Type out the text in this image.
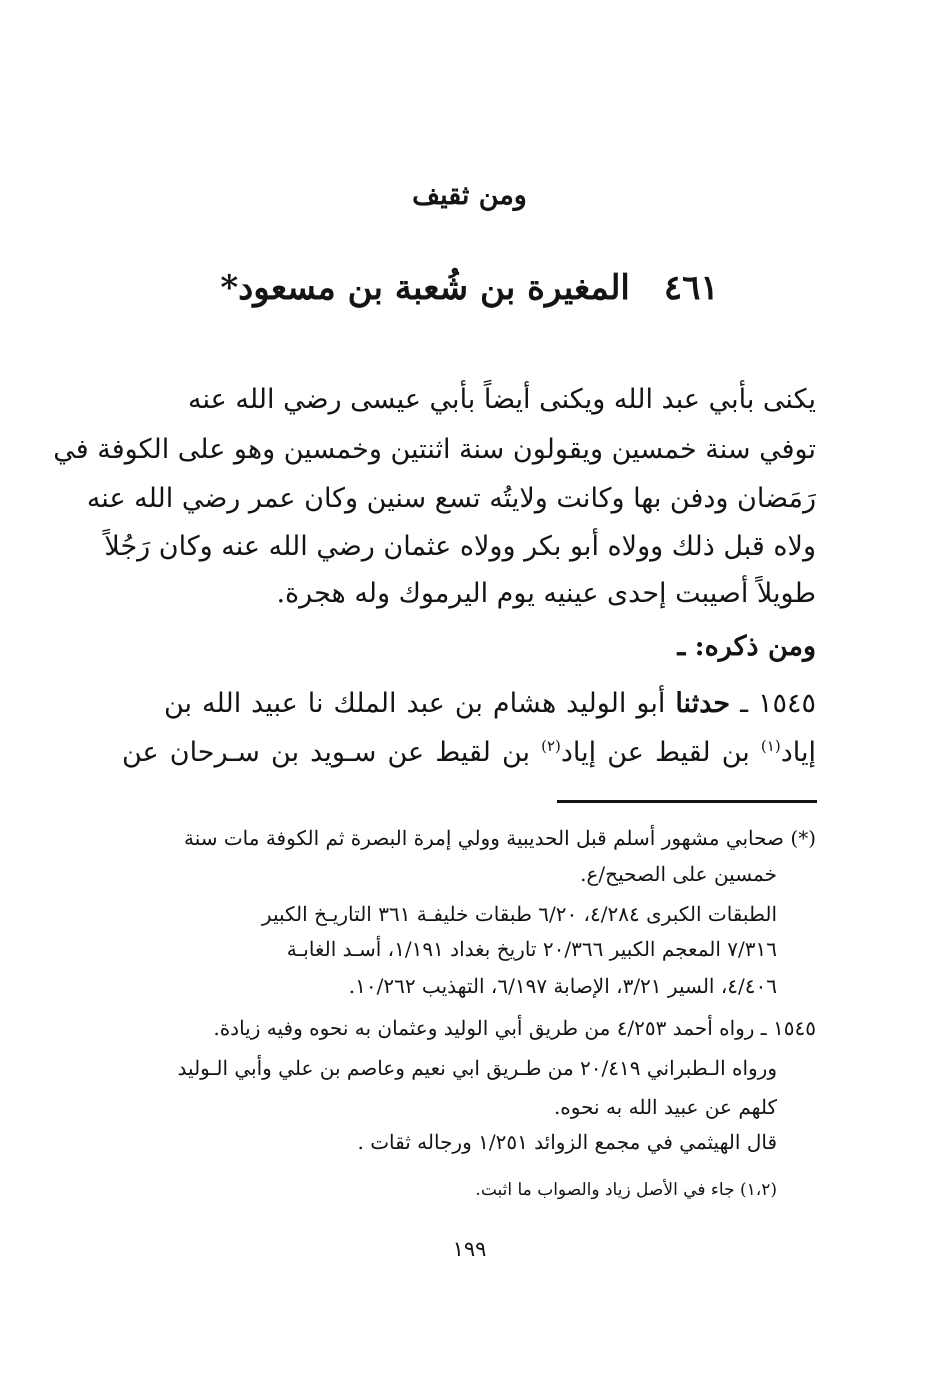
ومن ثقيف
٤٦١المغيرة بن شُعبة بن مسعود*

يكنى بأبي عبد الله ويكنى أيضاً بأبي عيسى رضي الله عنه

توفي سنة خمسين ويقولون سنة اثنتين وخمسين وهو على الكوفة في

رَمَضان ودفن بها وكانت ولايتُه تسع سنين وكان عمر رضي الله عنه

ولاه قبل ذلك وولاه أبو بكر وولاه عثمان رضي الله عنه وكان رَجُلاً

طويلاً أصيبت إحدى عينيه يوم اليرموك وله هجرة.

ومن ذكره: ـ

١٥٤٥ ـ حدثنا أبو الوليد هشام بن عبد الملك نا عبيد الله بن

إياد$^{(١)}$ بن لقيط عن إياد$^{(٢)}$ بن لقيط عن سـويد بن سـرحان عن

(*) صحابي مشهور أسلم قبل الحديبية وولي إمرة البصرة ثم الكوفة مات سنة

خمسين على الصحيح/ع.

الطبقات الكبرى ٤/٢٨٤، ٦/٢٠ طبقات خليفـة ٣٦١ التاريـخ الكبير

٧/٣١٦ المعجم الكبير ٢٠/٣٦٦ تاريخ بغداد ١/١٩١، أسـد الغابـة

٤/٤٠٦، السير ٣/٢١، الإصابة ٦/١٩٧، التهذيب ١٠/٢٦٢.

١٥٤٥ ـ رواه أحمد ٤/٢٥٣ من طريق أبي الوليد وعثمان به نحوه وفيه زيادة.

ورواه الـطبراني ٢٠/٤١٩ من طـريق ابي نعيم وعاصم بن علي وأبي الـوليد

كلهم عن عبيد الله به نحوه.

قال الهيثمي في مجمع الزوائد ١/٢٥١ ورجاله ثقات .

(١،٢) جاء في الأصل زياد والصواب ما اثبت.

١٩٩
